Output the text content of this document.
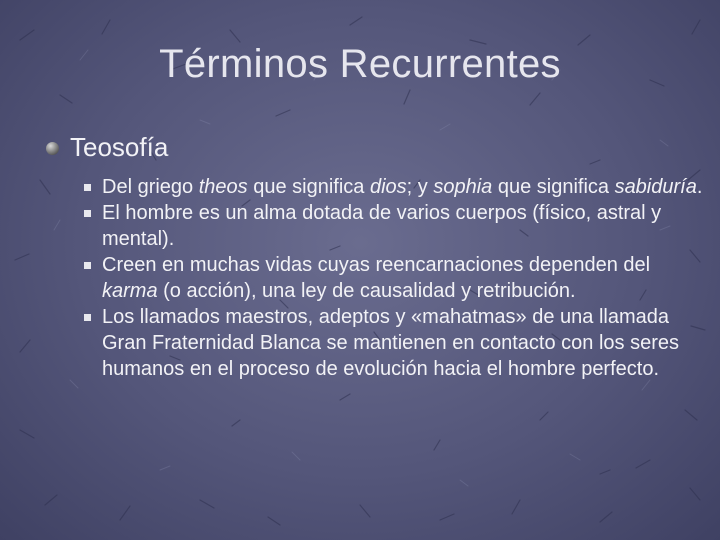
Términos Recurrentes
Teosofía
Del griego theos que significa dios; y sophia que significa sabiduría.
El hombre es un alma dotada de varios cuerpos (físico, astral y mental).
Creen en muchas vidas cuyas reencarnaciones dependen del karma (o acción), una ley de causalidad y retribución.
Los llamados maestros, adeptos y «mahatmas» de una llamada Gran Fraternidad Blanca se mantienen en contacto con los seres humanos en el proceso de evolución hacia el hombre perfecto.
